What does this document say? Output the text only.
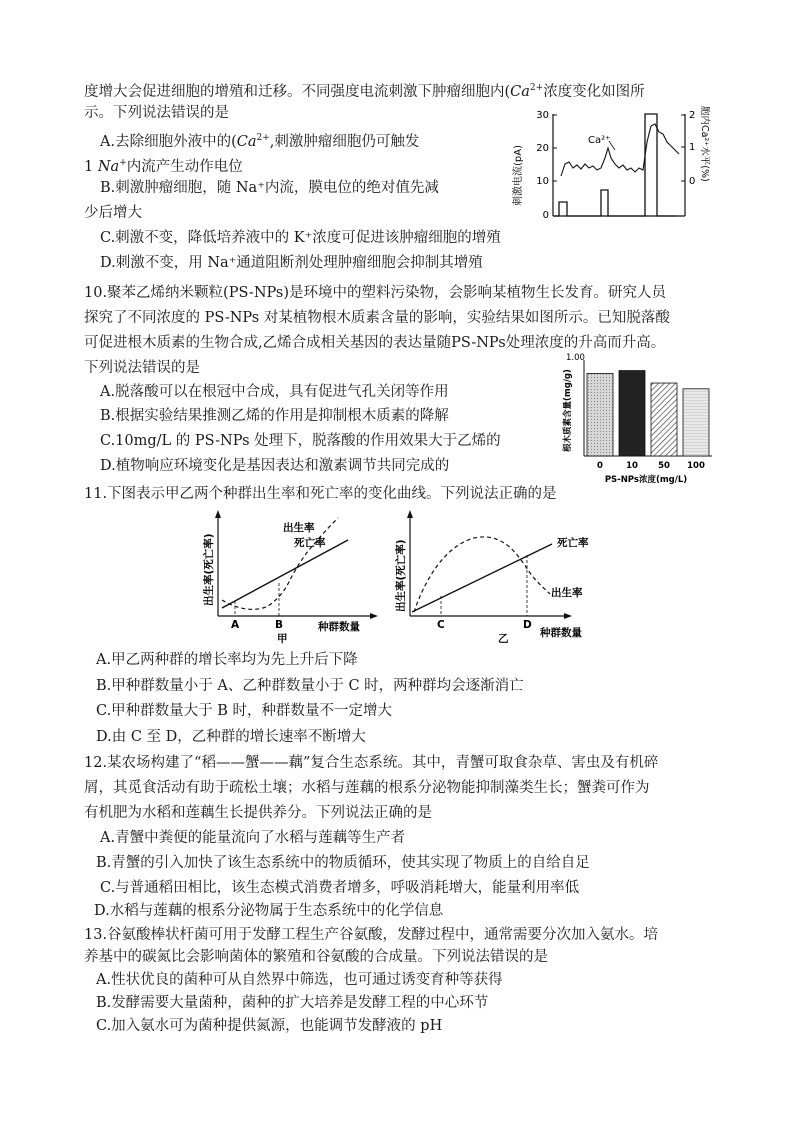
度增大会促进细胞的增殖和迁移。不同强度电流刺激下肿瘤细胞内($Ca^{2+}$浓度变化如图所
示。下列说法错误的是
A.去除细胞外液中的($Ca^{2+}$,刺激肿瘤细胞仍可触发
1 Na+内流产生动作电位
B.刺激肿瘤细胞，随 Na⁺内流，膜电位的绝对值先减
少后增大
C.刺激不变，降低培养液中的 K⁺浓度可促进该肿瘤细胞的增殖
D.刺激不变，用 Na⁺通道阻断剂处理肿瘤细胞会抑制其增殖
刺激电流(pA)	胞内Ca²⁺水平(%)
30
20
10
0
2
1
0
Ca²⁺
10.聚苯乙烯纳米颗粒(PS-NPs)是环境中的塑料污染物，会影响某植物生长发育。研究人员
探究了不同浓度的 PS-NPs 对某植物根木质素含量的影响，实验结果如图所示。已知脱落酸
可促进根木质素的生物合成,乙烯合成相关基因的表达量随PS-NPs处理浓度的升高而升高。
下列说法错误的是
A.脱落酸可以在根冠中合成，具有促进气孔关闭等作用
B.根据实验结果推测乙烯的作用是抑制根木质素的降解
C.10mg/L 的 PS-NPs 处理下，脱落酸的作用效果大于乙烯的
D.植物响应环境变化是基因表达和激素调节共同完成的
根木质素含量(mg/g)
1.00
0	10 50 100
PS-NPs浓度(mg/L)
11.下图表示甲乙两个种群出生率和死亡率的变化曲线。下列说法正确的是
出生率(死亡率)
出生率
死亡率
A	B	种群数量
甲
出生率(死亡率)	死亡率
出生率
C	D
种群数量
乙
A.甲乙两种群的增长率均为先上升后下降
B.甲种群数量小于 A、乙种群数量小于 C 时，两种群均会逐渐消亡
C.甲种群数量大于 B 时，种群数量不一定增大
D.由 C 至 D，乙种群的增长速率不断增大
12.某农场构建了“稻——蟹——藕”复合生态系统。其中，青蟹可取食杂草、害虫及有机碎
屑，其觅食活动有助于疏松土壤；水稻与莲藕的根系分泌物能抑制藻类生长；蟹粪可作为
有机肥为水稻和莲藕生长提供养分。下列说法正确的是
A.青蟹中粪便的能量流向了水稻与莲藕等生产者
B.青蟹的引入加快了该生态系统中的物质循环，使其实现了物质上的自给自足
C.与普通稻田相比，该生态模式消费者增多，呼吸消耗增大，能量利用率低
D.水稻与莲藕的根系分泌物属于生态系统中的化学信息
13.谷氨酸棒状杆菌可用于发酵工程生产谷氨酸，发酵过程中，通常需要分次加入氨水。培
养基中的碳氮比会影响菌体的繁殖和谷氨酸的合成量。下列说法错误的是
A.性状优良的菌种可从自然界中筛选，也可通过诱变育种等获得
B.发酵需要大量菌种，菌种的扩大培养是发酵工程的中心环节
C.加入氨水可为菌种提供氮源，也能调节发酵液的 pH
